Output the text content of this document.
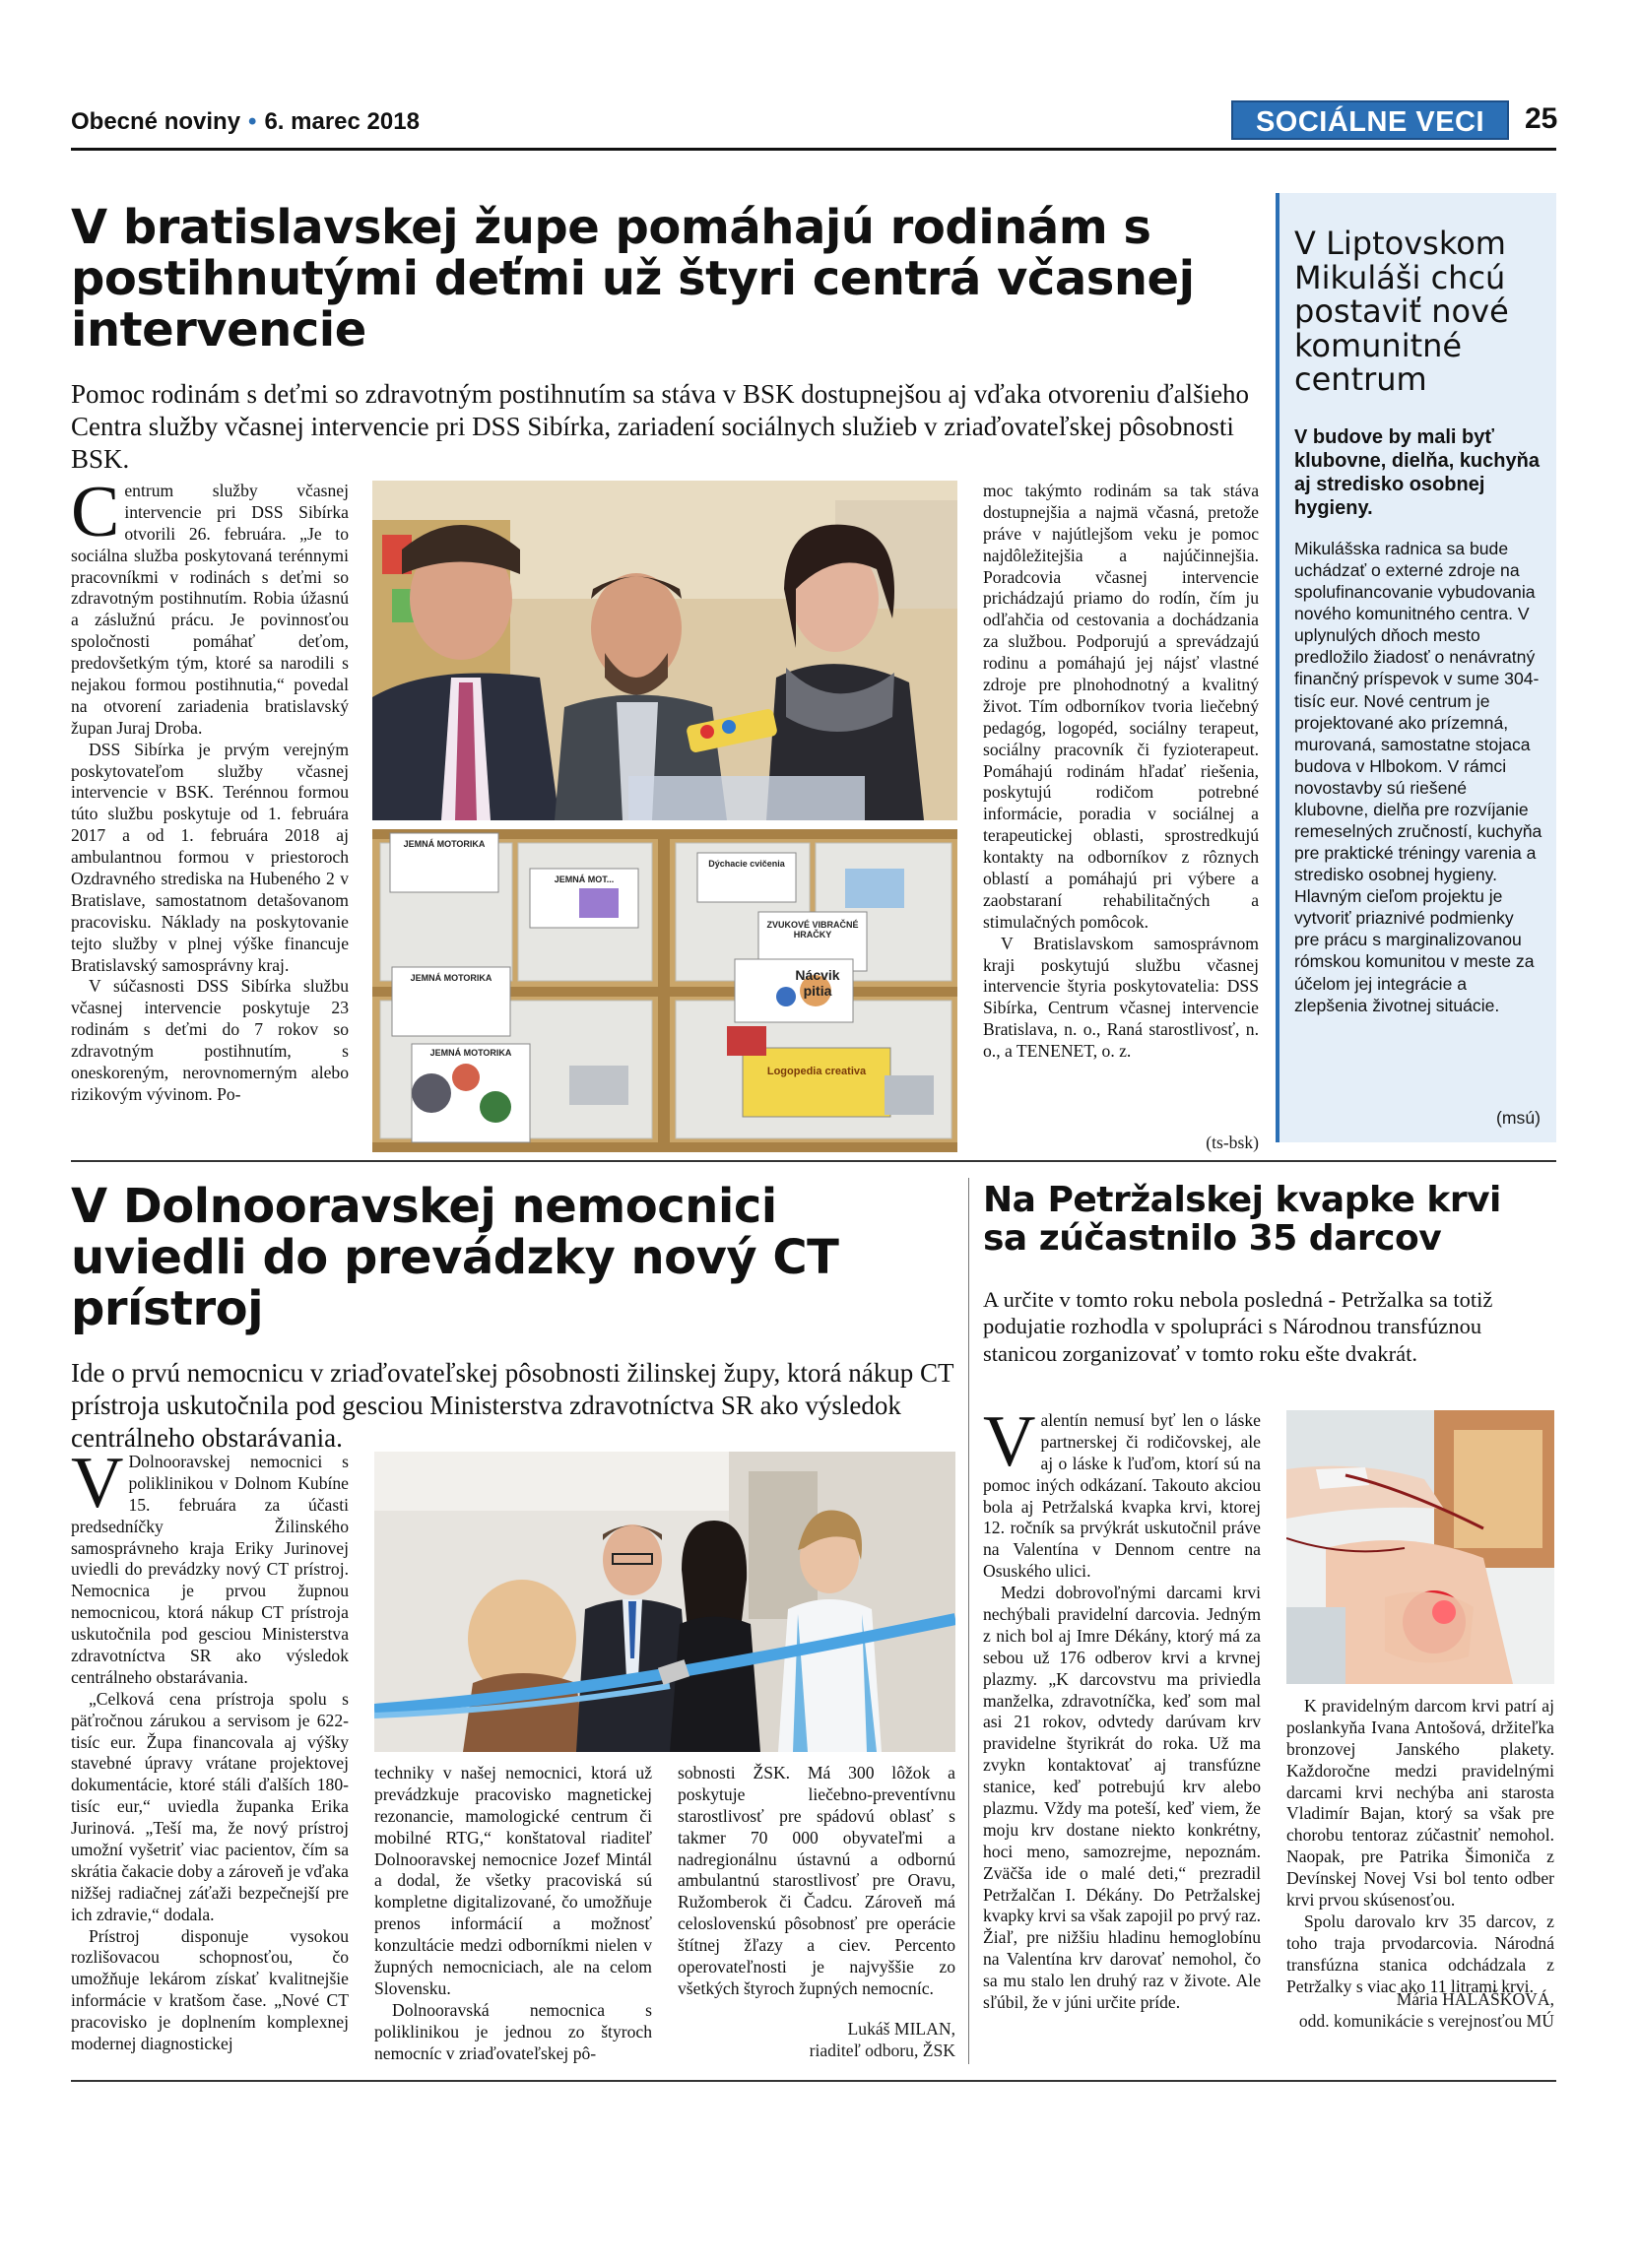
Obecné noviny • 6. marec 2018	SOCIÁLNE VECI	25
V bratislavskej župe pomáhajú rodinám s postihnutými deťmi už štyri centrá včasnej intervencie
Pomoc rodinám s deťmi so zdravotným postihnutím sa stáva v BSK dostupnejšou aj vďaka otvoreniu ďalšieho Centra služby včasnej intervencie pri DSS Sibírka, zariadení sociálnych služieb v zriaďovateľskej pôsobnosti BSK.

Centrum služby včasnej intervencie pri DSS Sibírka otvorili 26. februára. „Je to sociálna služba poskytovaná terénnymi pracovníkmi v rodinách s deťmi so zdravotným postihnutím. Robia úžasnú a záslužnú prácu. Je povinnosťou spoločnosti pomáhať deťom, predovšetkým tým, ktoré sa narodili s nejakou formou postihnutia,“ povedal na otvorení zariadenia bratislavský župan Juraj Droba.

DSS Sibírka je prvým verejným poskytovateľom služby včasnej intervencie v BSK. Terénnou formou túto službu poskytuje od 1. februára 2017 a od 1. februára 2018 aj ambulantnou formou v priestoroch Ozdravného strediska na Hubeného 2 v Bratislave, samostatnom detašovanom pracovisku. Náklady na poskytovanie tejto služby v plnej výške financuje Bratislavský samosprávny kraj.

V súčasnosti DSS Sibírka službu včasnej intervencie poskytuje 23 rodinám s deťmi do 7 rokov so zdravotným postihnutím, s oneskoreným, nerovnomerným alebo rizikovým vývinom. Po-

JEMNÁ MOTORIKA
JEMNÁ MOT...
Dýchacie cvičenia
ZVUKOVÉ VIBRAČNÉ HRAČKY
JEMNÁ MOTORIKA	Nácvik pitia
JEMNÁ MOTORIKA
Logopedia creativa

moc takýmto rodinám sa tak stáva dostupnejšia a najmä včasná, pretože práve v najútlejšom veku je pomoc najdôležitejšia a najúčinnejšia. Poradcovia včasnej intervencie prichádzajú priamo do rodín, čím ju odľahčia od cestovania a dochádzania za službou. Podporujú a sprevádzajú rodinu a pomáhajú jej nájsť vlastné zdroje pre plnohodnotný a kvalitný život. Tím odborníkov tvoria liečebný pedagóg, logopéd, sociálny terapeut, sociálny pracovník či fyzioterapeut. Pomáhajú rodinám hľadať riešenia, poskytujú rodičom potrebné informácie, poradia v sociálnej a terapeutickej oblasti, sprostredkujú kontakty na odborníkov z rôznych oblastí a pomáhajú pri výbere a zaobstaraní rehabilitačných a stimulačných pomôcok.

V Bratislavskom samosprávnom kraji poskytujú službu včasnej intervencie štyria poskytovatelia: DSS Sibírka, Centrum včasnej intervencie Bratislava, n. o., Raná starostlivosť, n. o., a TENENET, o. z.

(ts-bsk)
V Liptovskom Mikuláši chcú postaviť nové komunitné centrum
V budove by mali byť klubovne, dielňa, kuchyňa aj stredisko osobnej hygieny.
Mikulášska radnica sa bude uchádzať o externé zdroje na spolufinancovanie vybudovania nového komunitného centra. V uplynulých dňoch mesto predložilo žiadosť o nenávratný finančný príspevok v sume 304-tisíc eur. Nové centrum je projektované ako prízemná, murovaná, samostatne stojaca budova v Hlbokom. V rámci novostavby sú riešené klubovne, dielňa pre rozvíjanie remeselných zručností, kuchyňa pre praktické tréningy varenia a stredisko osobnej hygieny. Hlavným cieľom projektu je vytvoriť priaznivé podmienky pre prácu s marginalizovanou rómskou komunitou v meste za účelom jej integrácie a zlepšenia životnej situácie.
(msú)
V Dolnooravskej nemocnici uviedli do prevádzky nový CT prístroj
Ide o prvú nemocnicu v zriaďovateľskej pôsobnosti žilinskej župy, ktorá nákup CT prístroja uskutočnila pod gesciou Ministerstva zdravotníctva SR ako výsledok centrálneho obstarávania.

V Dolnooravskej nemocnici s poliklinikou v Dolnom Kubíne 15. februára za účasti predsedníčky Žilinského samosprávneho kraja Eriky Jurinovej uviedli do prevádzky nový CT prístroj. Nemocnica je prvou župnou nemocnicou, ktorá nákup CT prístroja uskutočnila pod gesciou Ministerstva zdravotníctva SR ako výsledok centrálneho obstarávania.

„Celková cena prístroja spolu s päťročnou zárukou a servisom je 622-tisíc eur. Župa financovala aj výšky stavebné úpravy vrátane projektovej dokumentácie, ktoré stáli ďalších 180-tisíc eur,“ uviedla županka Erika Jurinová. „Teší ma, že nový prístroj umožní vyšetriť viac pacientov, čím sa skrátia čakacie doby a zároveň je vďaka nižšej radiačnej záťaži bezpečnejší pre ich zdravie,“ dodala.

Prístroj disponuje vysokou rozlišovacou schopnosťou, čo umožňuje lekárom získať kvalitnejšie informácie v kratšom čase. „Nové CT pracovisko je doplnením komplexnej modernej diagnostickej

techniky v našej nemocnici, ktorá už prevádzkuje pracovisko magnetickej rezonancie, mamologické centrum či mobilné RTG,“ konštatoval riaditeľ Dolnooravskej nemocnice Jozef Mintál a dodal, že všetky pracoviská sú kompletne digitalizované, čo umožňuje prenos informácií a možnosť konzultácie medzi odborníkmi nielen v župných nemocniciach, ale na celom Slovensku.

Dolnooravská nemocnica s poliklinikou je jednou zo štyroch nemocníc v zriaďovateľskej pô-

sobnosti ŽSK. Má 300 lôžok a poskytuje liečebno-preventívnu starostlivosť pre spádovú oblasť s takmer 70 000 obyvateľmi a nadregionálnu ústavnú a odbornú ambulantnú starostlivosť pre Oravu, Ružomberok či Čadcu. Zároveň má celoslovenskú pôsobnosť pre operácie štítnej žľazy a ciev. Percento operovateľnosti je najvyššie zo všetkých štyroch župných nemocníc.

Lukáš MILAN,
riaditeľ odboru, ŽSK
Na Petržalskej kvapke krvi sa zúčastnilo 35 darcov
A určite v tomto roku nebola posledná - Petržalka sa totiž podujatie rozhodla v spolupráci s Národnou transfúznou stanicou zorganizovať v tomto roku ešte dvakrát.

Valentín nemusí byť len o láske partnerskej či rodičovskej, ale aj o láske k ľuďom, ktorí sú na pomoc iných odkázaní. Takouto akciou bola aj Petržalská kvapka krvi, ktorej 12. ročník sa prvýkrát uskutočnil práve na Valentína v Dennom centre na Osuského ulici.

Medzi dobrovoľnými darcami krvi nechýbali pravidelní darcovia. Jedným z nich bol aj Imre Dékány, ktorý má za sebou už 176 odberov krvi a krvnej plazmy. „K darcovstvu ma priviedla manželka, zdravotníčka, keď som mal asi 21 rokov, odvtedy darúvam krv pravidelne štyrikrát do roka. Už ma zvykn kontaktovať aj transfúzne stanice, keď potrebujú krv alebo plazmu. Vždy ma poteší, keď viem, že moju krv dostane niekto konkrétny, hoci meno, samozrejme, nepoznám. Zväčša ide o malé deti,“ prezradil Petržalčan I. Dékány. Do Petržalskej kvapky krvi sa však zapojil po prvý raz. Žiaľ, pre nižšiu hladinu hemoglobínu na Valentína krv darovať nemohol, čo sa mu stalo len druhý raz v živote. Ale sľúbil, že v júni určite príde.

K pravidelným darcom krvi patrí aj poslankyňa Ivana Antošová, držiteľka bronzovej Janského plakety. Každoročne medzi pravidelnými darcami krvi nechýba ani starosta Vladimír Bajan, ktorý sa však pre chorobu tentoraz zúčastniť nemohol. Naopak, pre Patrika Šimoniča z Devínskej Novej Vsi bol tento odber krvi prvou skúsenosťou.

Spolu darovalo krv 35 darcov, z toho traja prvodarcovia. Národná transfúzna stanica odchádzala z Petržalky s viac ako 11 litrami krvi.

Mária HALAŠKOVÁ,
odd. komunikácie s verejnosťou MÚ
